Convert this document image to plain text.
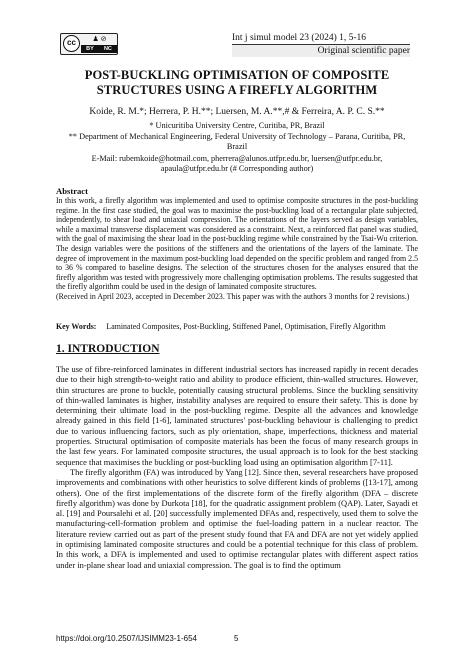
cc	♟ ⊘
BY NC
Int j simul model 23 (2024) 1, 5-16
Original scientific paper
POST-BUCKLING OPTIMISATION OF COMPOSITE
STRUCTURES USING A FIREFLY ALGORITHM
Koide, R. M.*; Herrera, P. H.**; Luersen, M. A.**,# & Ferreira, A. P. C. S.**
* Unicuritiba University Centre, Curitiba, PR, Brazil
** Department of Mechanical Engineering, Federal University of Technology – Parana, Curitiba, PR,
Brazil
E-Mail: rubemkoide@hotmail.com, pherrera@alunos.utfpr.edu.br, luersen@utfpr.edu.br,
apaula@utfpr.edu.br (# Corresponding author)
Abstract
In this work, a firefly algorithm was implemented and used to optimise composite structures in the post-buckling regime. In the first case studied, the goal was to maximise the post-buckling load of a rectangular plate subjected, independently, to shear load and uniaxial compression. The orientations of the layers served as design variables, while a maximal transverse displacement was considered as a constraint. Next, a reinforced flat panel was studied, with the goal of maximising the shear load in the post-buckling regime while constrained by the Tsai-Wu criterion. The design variables were the positions of the stiffeners and the orientations of the layers of the laminate. The degree of improvement in the maximum post-buckling load depended on the specific problem and ranged from 2.5 to 36 % compared to baseline designs. The selection of the structures chosen for the analyses ensured that the firefly algorithm was tested with progressively more challenging optimisation problems. The results suggested that the firefly algorithm could be used in the design of laminated composite structures.
(Received in April 2023, accepted in December 2023. This paper was with the authors 3 months for 2 revisions.)
Key Words: Laminated Composites, Post-Buckling, Stiffened Panel, Optimisation, Firefly Algorithm
1. INTRODUCTION

The use of fibre-reinforced laminates in different industrial sectors has increased rapidly in recent decades due to their high strength-to-weight ratio and ability to produce efficient, thin-walled structures. However, thin structures are prone to buckle, potentially causing structural problems. Since the buckling sensitivity of thin-walled laminates is higher, instability analyses are required to ensure their safety. This is done by determining their ultimate load in the post-buckling regime. Despite all the advances and knowledge already gained in this field [1-6], laminated structures' post-buckling behaviour is challenging to predict due to various influencing factors, such as ply orientation, shape, imperfections, thickness and material properties. Structural optimisation of composite materials has been the focus of many research groups in the last few years. For laminated composite structures, the usual approach is to look for the best stacking sequence that maximises the buckling or post-buckling load using an optimisation algorithm [7-11].

The firefly algorithm (FA) was introduced by Yang [12]. Since then, several researchers have proposed improvements and combinations with other heuristics to solve different kinds of problems ([13-17], among others). One of the first implementations of the discrete form of the firefly algorithm (DFA – discrete firefly algorithm) was done by Durkota [18], for the quadratic assignment problem (QAP). Later, Sayadi et al. [19] and Poursalehi et al. [20] successfully implemented DFAs and, respectively, used them to solve the manufacturing-cell-formation problem and optimise the fuel-loading pattern in a nuclear reactor. The literature review carried out as part of the present study found that FA and DFA are not yet widely applied in optimising laminated composite structures and could be a potential technique for this class of problem. In this work, a DFA is implemented and used to optimise rectangular plates with different aspect ratios under in-plane shear load and uniaxial compression. The goal is to find the optimum

https://doi.org/10.2507/IJSIMM23-1-654	5
